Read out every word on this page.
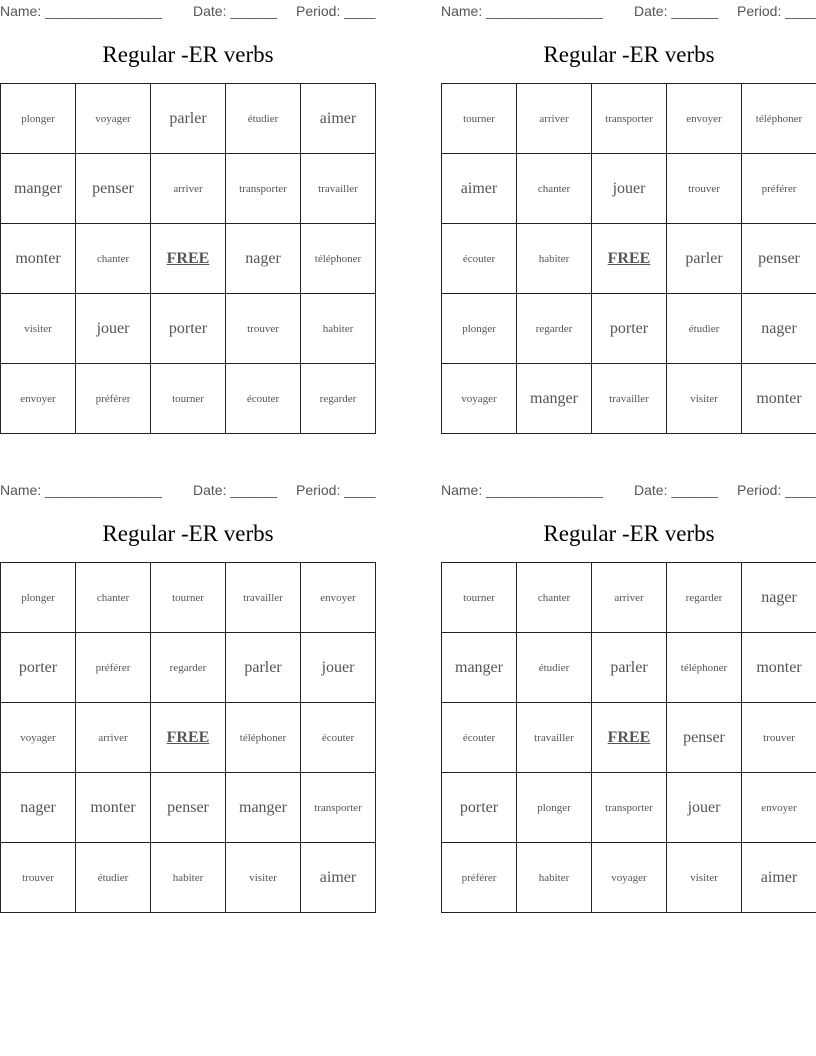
Name: _______________ Date: ______ Period: ____
Regular -ER verbs
plonger	voyager	parler	étudier	aimer
manger	penser	arriver	transporter	travailler
monter	chanter	FREE	nager	téléphoner
visiter	jouer	porter	trouver	habiter
envoyer	préférer	tourner	écouter	regarder
Name: _______________ Date: ______ Period: ____
Regular -ER verbs
tourner	arriver	transporter	envoyer	téléphoner
aimer	chanter	jouer	trouver	préférer
écouter	habiter	FREE	parler	penser
plonger	regarder	porter	étudier	nager
voyager	manger	travailler	visiter	monter
Name: _______________ Date: ______ Period: ____
Regular -ER verbs
plonger	chanter	tourner	travailler	envoyer
porter	préférer	regarder	parler	jouer
voyager	arriver	FREE	téléphoner	écouter
nager	monter	penser	manger	transporter
trouver	étudier	habiter	visiter	aimer
Name: _______________ Date: ______ Period: ____
Regular -ER verbs
tourner	chanter	arriver	regarder	nager
manger	étudier	parler	téléphoner	monter
écouter	travailler	FREE	penser	trouver
porter	plonger	transporter	jouer	envoyer
préférer	habiter	voyager	visiter	aimer
